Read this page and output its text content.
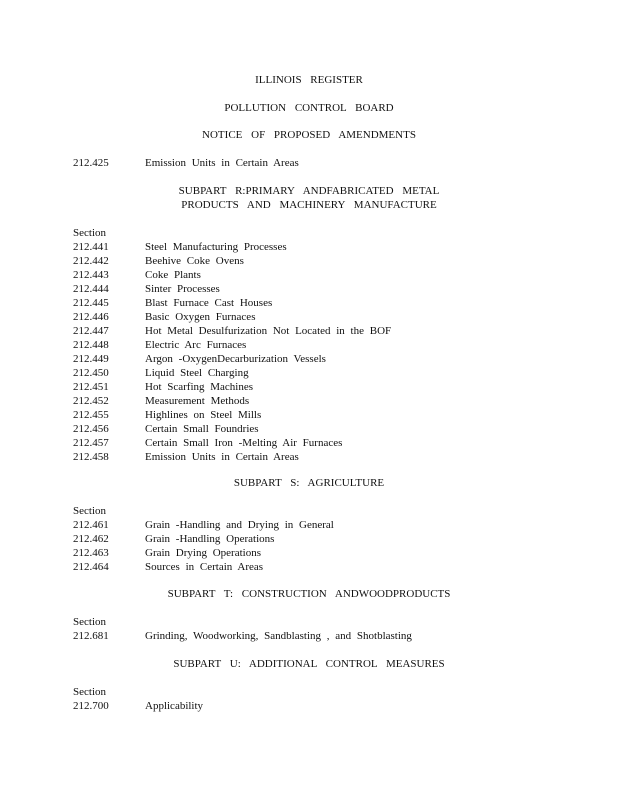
ILLINOIS REGISTER
POLLUTION CONTROL BOARD
NOTICE OF PROPOSED AMENDMENTS
212.425	Emission Units in Certain Areas
SUBPART R:PRIMARY ANDFABRICATED METAL
PRODUCTS AND MACHINERY MANUFACTURE
Section
212.441	Steel Manufacturing Processes
212.442	Beehive Coke Ovens
212.443	Coke Plants
212.444	Sinter Processes
212.445	Blast Furnace Cast Houses
212.446	Basic Oxygen Furnaces
212.447	Hot Metal Desulfurization Not Located in the BOF
212.448	Electric Arc Furnaces
212.449	Argon -OxygenDecarburization Vessels
212.450	Liquid Steel Charging
212.451	Hot Scarfing Machines
212.452	Measurement Methods
212.455	Highlines on Steel Mills
212.456	Certain Small Foundries
212.457	Certain Small Iron -Melting Air Furnaces
212.458	Emission Units in Certain Areas
SUBPART S: AGRICULTURE
Section
212.461	Grain -Handling and Drying in General
212.462	Grain -Handling Operations
212.463	Grain Drying Operations
212.464	Sources in Certain Areas
SUBPART T: CONSTRUCTION ANDWOODPRODUCTS
Section
212.681	Grinding, Woodworking, Sandblasting , and Shotblasting
SUBPART U: ADDITIONAL CONTROL MEASURES
Section
212.700	Applicability
